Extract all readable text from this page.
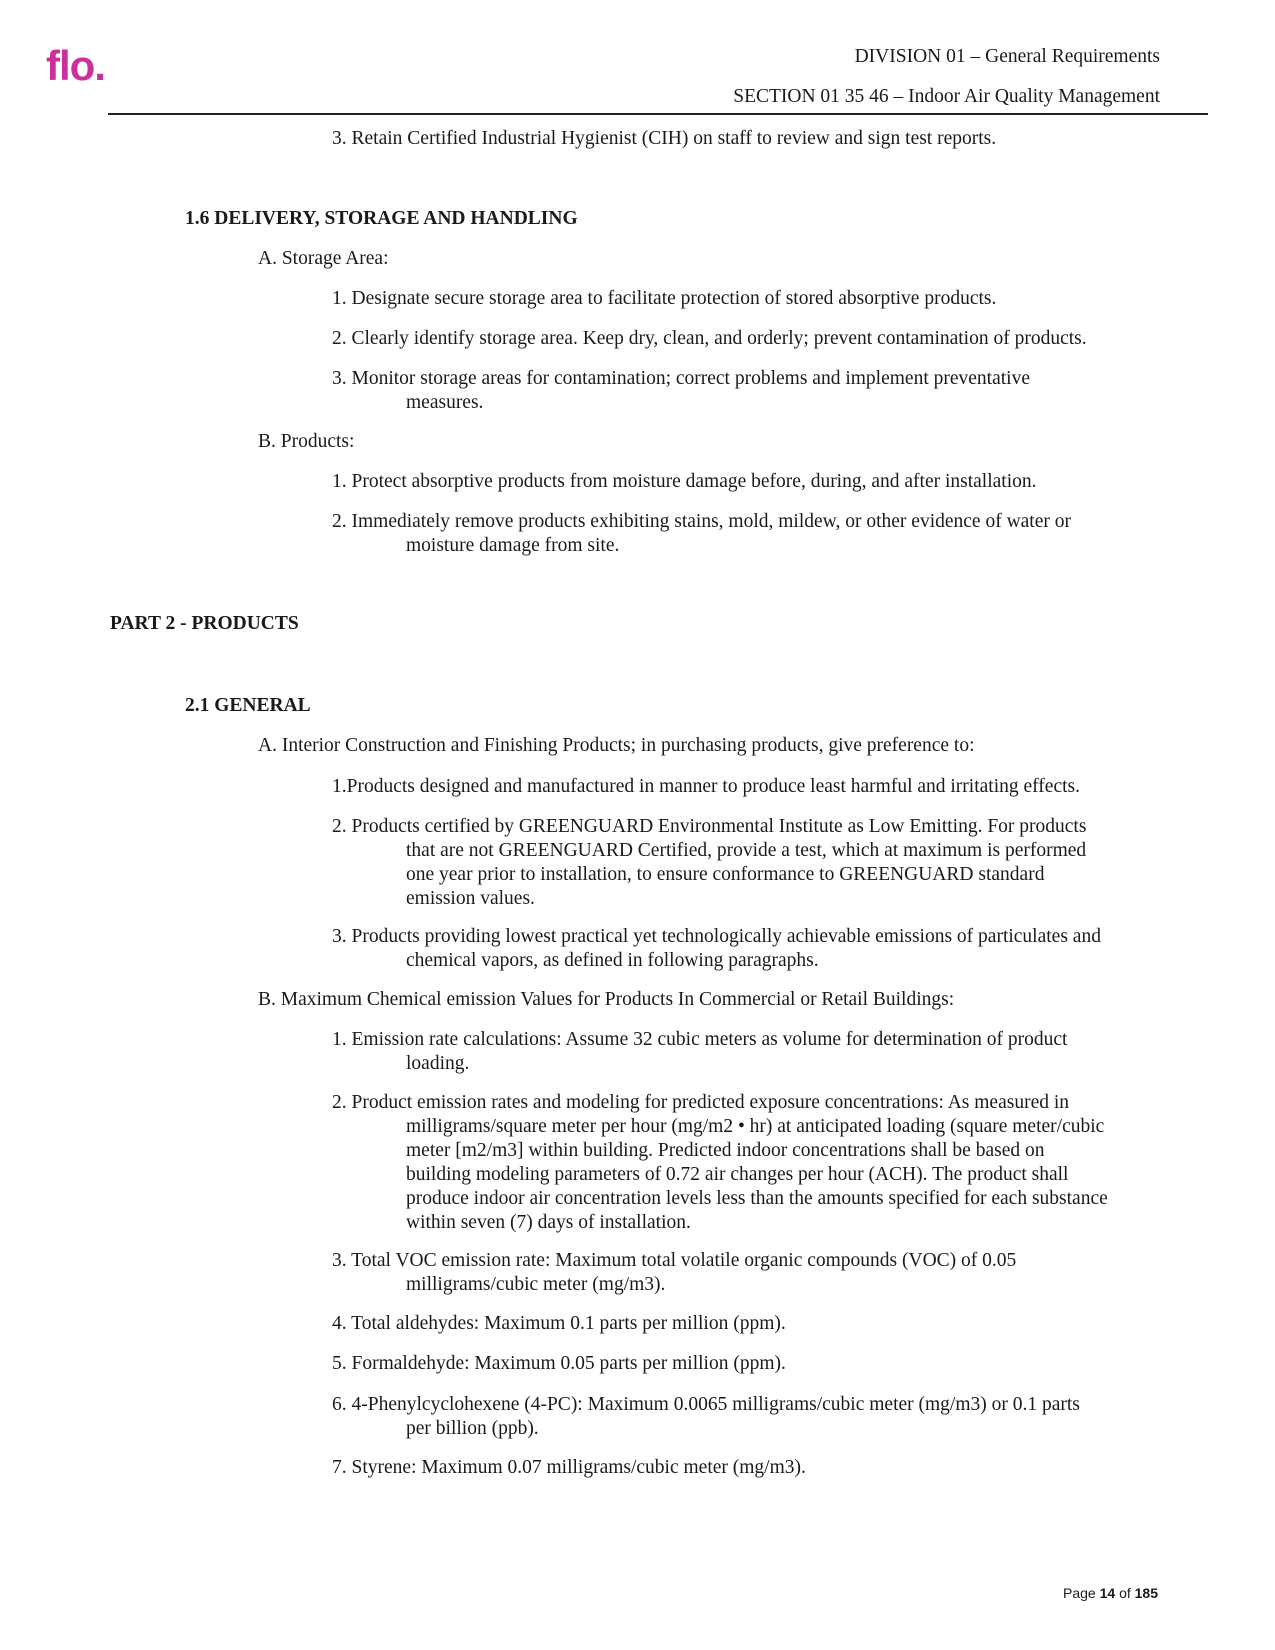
flo.	DIVISION 01 – General Requirements
SECTION 01 35 46 – Indoor Air Quality Management
3. Retain Certified Industrial Hygienist (CIH) on staff to review and sign test reports.
1.6 DELIVERY, STORAGE AND HANDLING
A. Storage Area:
1. Designate secure storage area to facilitate protection of stored absorptive products.
2. Clearly identify storage area. Keep dry, clean, and orderly; prevent contamination of products.
3. Monitor storage areas for contamination; correct problems and implement preventative
measures.
B. Products:
1. Protect absorptive products from moisture damage before, during, and after installation.
2. Immediately remove products exhibiting stains, mold, mildew, or other evidence of water or
moisture damage from site.
PART 2 - PRODUCTS
2.1 GENERAL
A. Interior Construction and Finishing Products; in purchasing products, give preference to:
1.Products designed and manufactured in manner to produce least harmful and irritating effects.
2. Products certified by GREENGUARD Environmental Institute as Low Emitting. For products
that are not GREENGUARD Certified, provide a test, which at maximum is performed
one year prior to installation, to ensure conformance to GREENGUARD standard
emission values.
3. Products providing lowest practical yet technologically achievable emissions of particulates and
chemical vapors, as defined in following paragraphs.
B. Maximum Chemical emission Values for Products In Commercial or Retail Buildings:
1. Emission rate calculations: Assume 32 cubic meters as volume for determination of product
loading.
2. Product emission rates and modeling for predicted exposure concentrations: As measured in
milligrams/square meter per hour (mg/m2 • hr) at anticipated loading (square meter/cubic
meter [m2/m3] within building. Predicted indoor concentrations shall be based on
building modeling parameters of 0.72 air changes per hour (ACH). The product shall
produce indoor air concentration levels less than the amounts specified for each substance
within seven (7) days of installation.
3. Total VOC emission rate: Maximum total volatile organic compounds (VOC) of 0.05
milligrams/cubic meter (mg/m3).
4. Total aldehydes: Maximum 0.1 parts per million (ppm).
5. Formaldehyde: Maximum 0.05 parts per million (ppm).
6. 4-Phenylcyclohexene (4-PC): Maximum 0.0065 milligrams/cubic meter (mg/m3) or 0.1 parts
per billion (ppb).
7. Styrene: Maximum 0.07 milligrams/cubic meter (mg/m3).
Page 14 of 185
